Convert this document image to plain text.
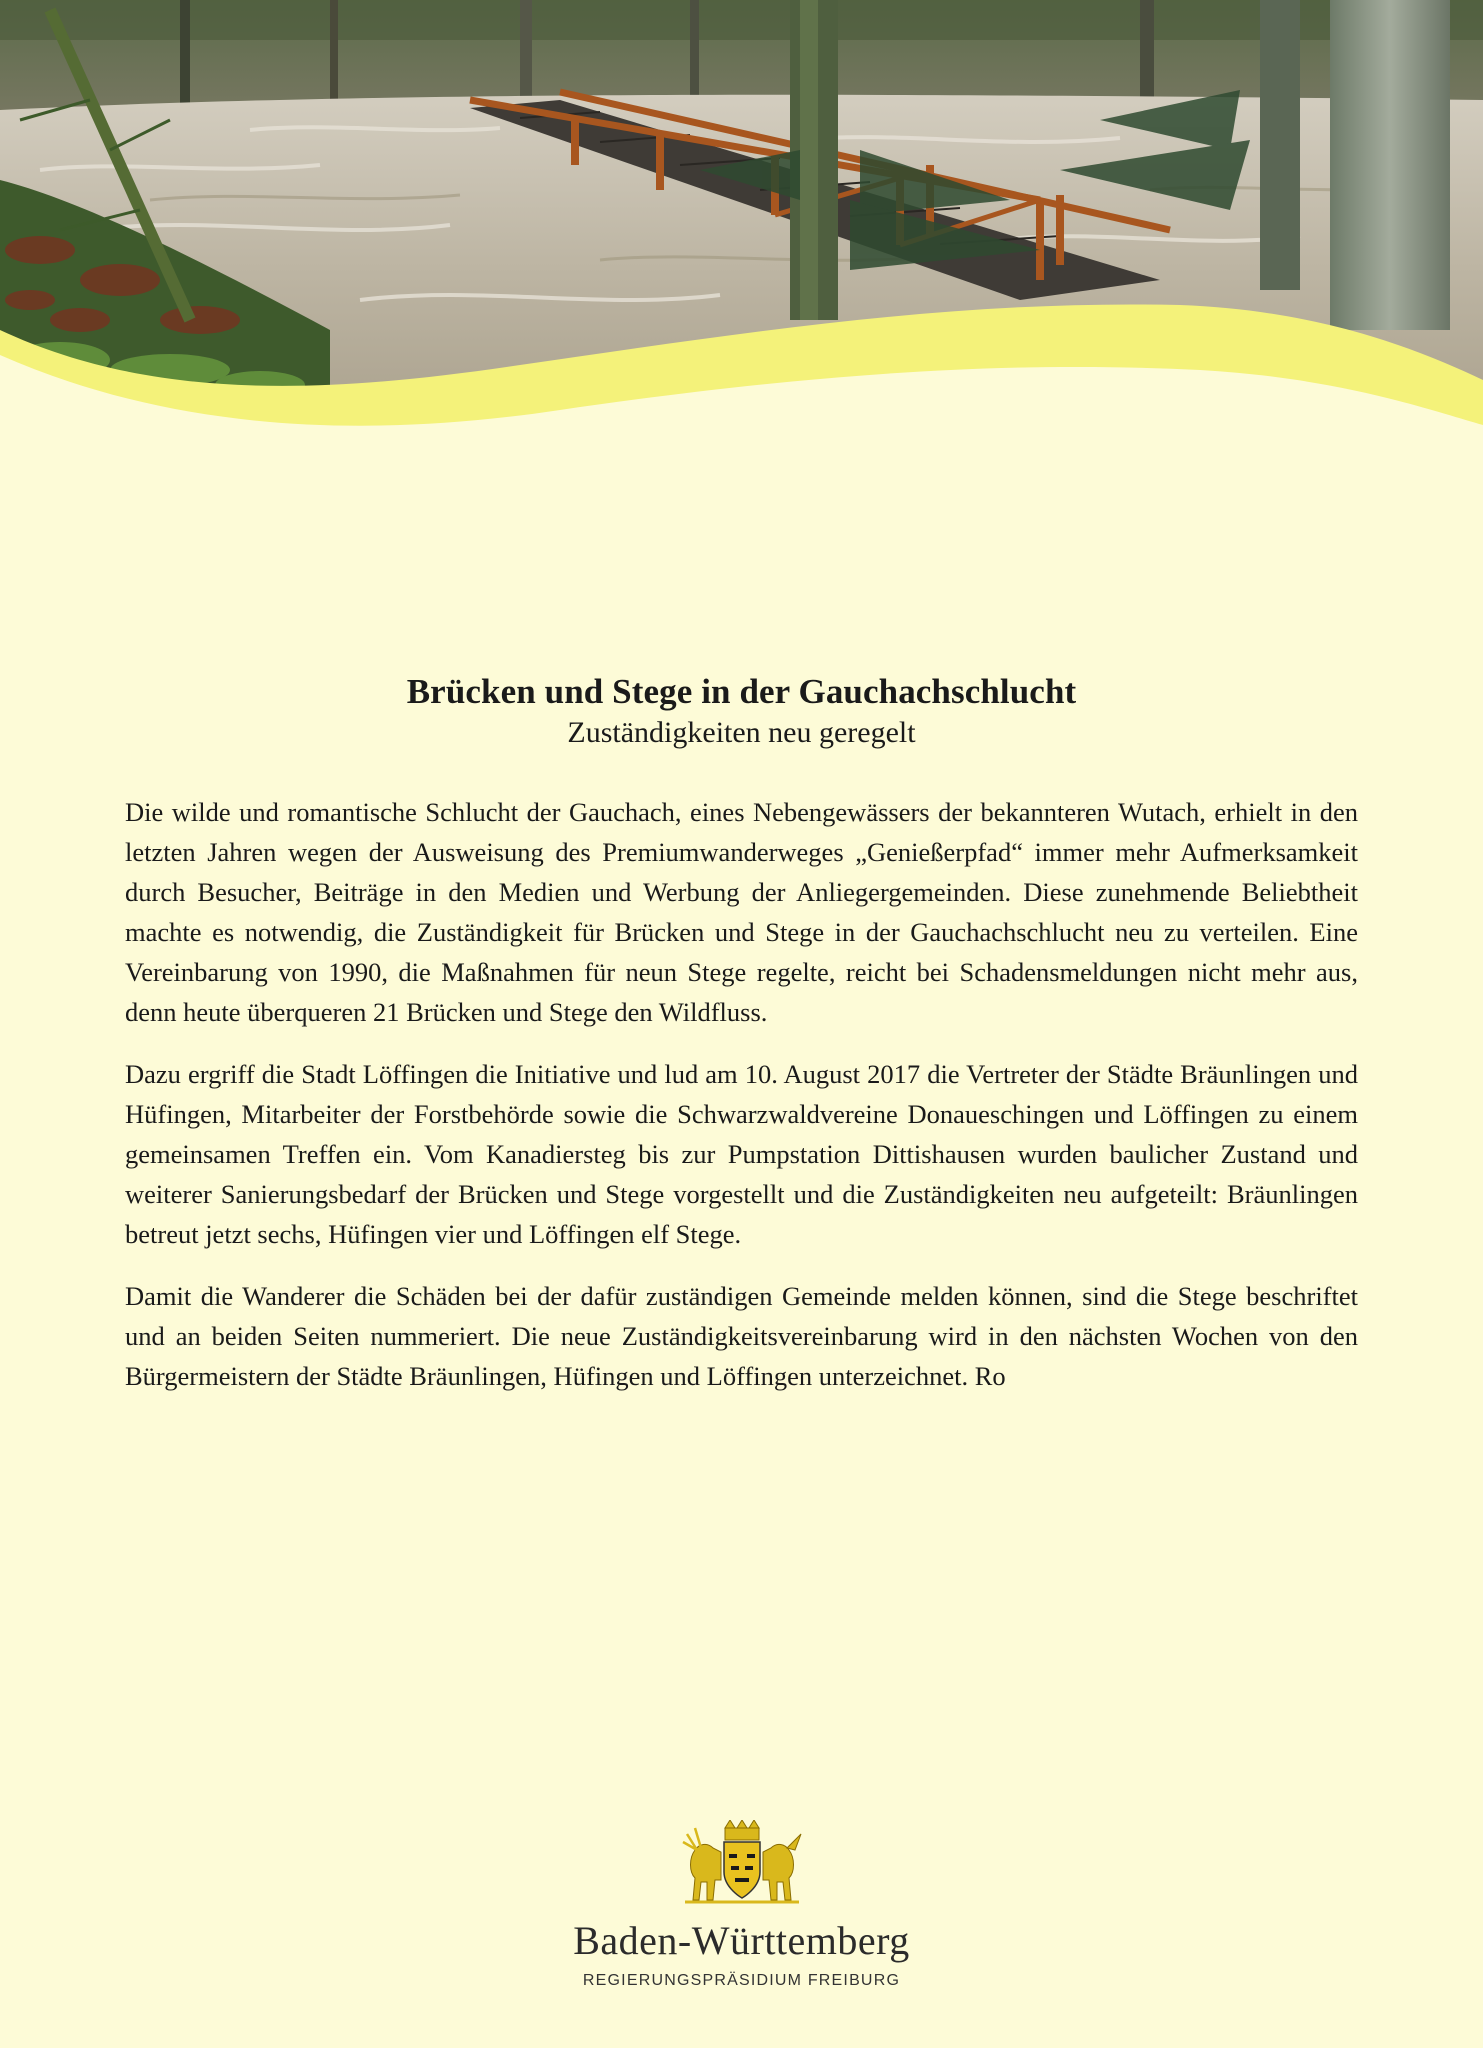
Brücken und Stege in der Gauchachschlucht
Zuständigkeiten neu geregelt

Die wilde und romantische Schlucht der Gauchach, eines Nebengewässers der bekannteren Wutach, erhielt in den letzten Jahren wegen der Ausweisung des Premiumwanderweges „Genießerpfad“ immer mehr Aufmerksamkeit durch Besucher, Beiträge in den Medien und Werbung der Anliegergemeinden. Diese zunehmende Beliebtheit machte es notwendig, die Zuständigkeit für Brücken und Stege in der Gauchachschlucht neu zu verteilen. Eine Vereinbarung von 1990, die Maßnahmen für neun Stege regelte, reicht bei Schadensmeldungen nicht mehr aus, denn heute überqueren 21 Brücken und Stege den Wildfluss.

Dazu ergriff die Stadt Löffingen die Initiative und lud am 10. August 2017 die Vertreter der Städte Bräunlingen und Hüfingen, Mitarbeiter der Forstbehörde sowie die Schwarzwaldvereine Donaueschingen und Löffingen zu einem gemeinsamen Treffen ein. Vom Kanadiersteg bis zur Pumpstation Dittishausen wurden baulicher Zustand und weiterer Sanierungsbedarf der Brücken und Stege vorgestellt und die Zuständigkeiten neu aufgeteilt: Bräunlingen betreut jetzt sechs, Hüfingen vier und Löffingen elf Stege.

Damit die Wanderer die Schäden bei der dafür zuständigen Gemeinde melden können, sind die Stege beschriftet und an beiden Seiten nummeriert. Die neue Zuständigkeitsvereinbarung wird in den nächsten Wochen von den Bürgermeistern der Städte Bräunlingen, Hüfingen und Löffingen unterzeichnet. Ro

Baden-Württemberg
REGIERUNGSPRÄSIDIUM FREIBURG
